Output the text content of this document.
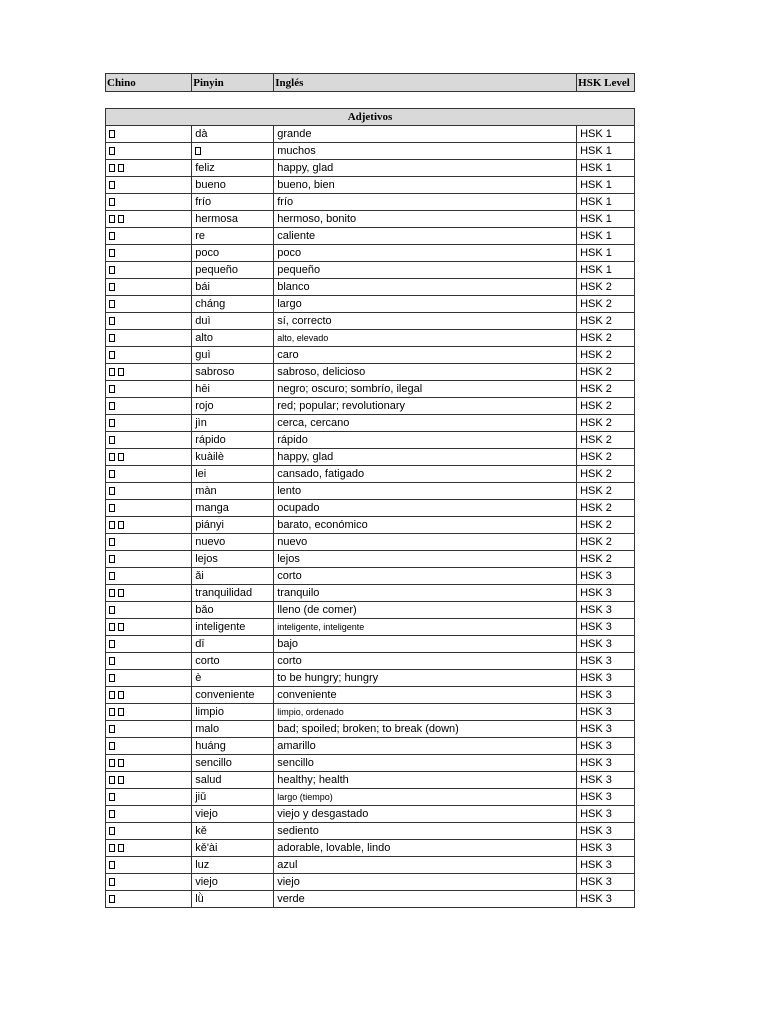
Chino	Pinyin	Inglés	HSK Level
Adjetivos			
	dà	grande	HSK 1
		muchos	HSK 1
	feliz	happy, glad	HSK 1
	bueno	bueno, bien	HSK 1
	frío	frío	HSK 1
	hermosa	hermoso, bonito	HSK 1
	re	caliente	HSK 1
	poco	poco	HSK 1
	pequeño	pequeño	HSK 1
	bái	blanco	HSK 2
	cháng	largo	HSK 2
	duì	sí, correcto	HSK 2
	alto	alto, elevado	HSK 2
	guì	caro	HSK 2
	sabroso	sabroso, delicioso	HSK 2
	hēi	negro; oscuro; sombrío, ilegal	HSK 2
	rojo	red; popular; revolutionary	HSK 2
	jìn	cerca, cercano	HSK 2
	rápido	rápido	HSK 2
	kuàilè	happy, glad	HSK 2
	lei	cansado, fatigado	HSK 2
	màn	lento	HSK 2
	manga	ocupado	HSK 2
	piányi	barato, económico	HSK 2
	nuevo	nuevo	HSK 2
	lejos	lejos	HSK 2
	ǎi	corto	HSK 3
	tranquilidad	tranquilo	HSK 3
	bǎo	lleno (de comer)	HSK 3
	inteligente	inteligente, inteligente	HSK 3
	dī	bajo	HSK 3
	corto	corto	HSK 3
	è	to be hungry; hungry	HSK 3
	conveniente	conveniente	HSK 3
	limpio	limpio, ordenado	HSK 3
	malo	bad; spoiled; broken; to break (down)	HSK 3
	huáng	amarillo	HSK 3
	sencillo	sencillo	HSK 3
	salud	healthy; health	HSK 3
	jiǔ	largo (tiempo)	HSK 3
	viejo	viejo y desgastado	HSK 3
	kě	sediento	HSK 3
	kě'ài	adorable, lovable, lindo	HSK 3
	luz	azul	HSK 3
	viejo	viejo	HSK 3
	lǜ	verde	HSK 3
